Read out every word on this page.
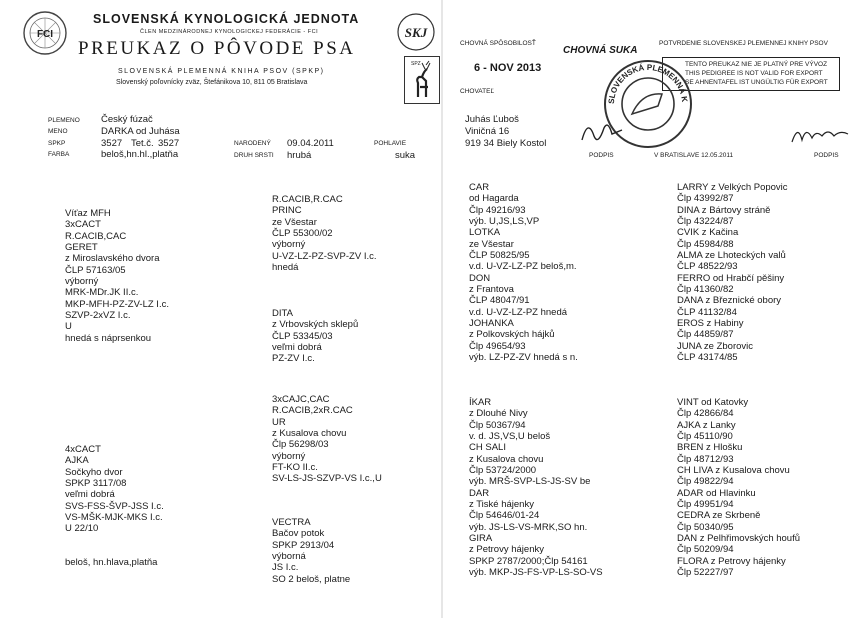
FCI
SLOVENSKÁ KYNOLOGICKÁ JEDNOTA
ČLEN MEDZINÁRODNEJ KYNOLOGICKEJ FEDERÁCIE - FCI
PREUKAZ O PÔVODE PSA
SLOVENSKÁ PLEMENNÁ KNIHA PSOV (SPKP)
Slovenský poľovnícky zväz, Štefánikova 10, 811 05 Bratislava
SKJ
SPZ
PLEMENO
MENO
SPKP
FARBA
Český fúzač
DARKA od Juhása
3527 Tet.č. 3527
beloš,hn.hl.,platňa
NARODENÝ
DRUH SRSTI
09.04.2011
hrubá
POHLAVIE
suka
CHOVNÁ SPÔSOBILOSŤ
CHOVNÁ SUKA
6 - NOV 2013
CHOVATEĽ
POTVRDENIE SLOVENSKEJ PLEMENNEJ KNIHY PSOV
TENTO PREUKAZ NIE JE PLATNÝ PRE VÝVOZ
THIS PEDIGREE IS NOT VALID FOR EXPORT
SE AHNENTAFEL IST UNGÜLTIG FÜR EXPORT
SLOVENSKÁ PLEMENNÁ K
Juhás Ľuboš
Viničná 16
919 34 Biely Kostol
PODPIS	V BRATISLAVE 12.05.2011	PODPIS
Víťaz MFH
3xCACT
R.CACIB,CAC
GERET
z Miroslavského dvora
ČLP 57163/05
výborný
MRK-MDr.JK II.c.
MKP-MFH-PZ-ZV-LZ I.c.
SZVP-2xVZ I.c.
U
hnedá s náprsenkou
4xCACT
AJKA
Sočkyho dvor
SPKP 3117/08
veľmi dobrá
SVS-FSS-ŠVP-JSS I.c.
VS-MŠK-MJK-MKS I.c.
U 22/10
beloš, hn.hlava,platňa
R.CACIB,R.CAC
PRINC
ze Všestar
ČLP 55300/02
výborný
U-VZ-LZ-PZ-SVP-ZV I.c.
hnedá
DITA
z Vrbovských sklepů
ČLP 53345/03
veľmi dobrá
PZ-ZV I.c.
3xCAJC,CAC
R.CACIB,2xR.CAC
UR
z Kusalova chovu
Člp 56298/03
výborný
FT-KO II.c.
SV-LS-JS-SZVP-VS I.c.,U
VECTRA
Bačov potok
SPKP 2913/04
výborná
JS I.c.
SO 2 beloš, platne
CAR
od Hagarda
Člp 49216/93
výb. U,JS,LS,VP
LOTKA
ze Všestar
ČLP 50825/95
v.d. U-VZ-LZ-PZ beloš,m.
DON
z Frantova
ČLP 48047/91
v.d. U-VZ-LZ-PZ hnedá
JOHANKA
z Polkovských hájků
Člp 49654/93
výb. LZ-PZ-ZV hnedá s n.
ÍKAR
z Dlouhé Nivy
Člp 50367/94
v. d. JS,VS,U beloš
CH SALI
z Kusalova chovu
Člp 53724/2000
výb. MRŠ-SVP-LS-JS-SV be
DAR
z Tiské hájenky
Člp 54646/01-24
výb. JS-LS-VS-MRK,SO hn.
GIRA
z Petrovy hájenky
SPKP 2787/2000;Člp 54161
výb. MKP-JS-FS-VP-LS-SO-VS
LARRY z Velkých Popovic
Člp 43992/87
DINA z Bártovy stráně
Člp 43224/87
CVIK z Kačina
Člp 45984/88
ALMA ze Lhoteckých valů
ČLP 48522/93
FERRO od Hrabčí pěšiny
Člp 41360/82
DANA z Březnické obory
ČLP 41132/84
EROS z Habiny
Člp 44859/87
JUNA ze Zborovic
ČLP 43174/85
VINT od Katovky
Člp 42866/84
AJKA z Lanky
Člp 45110/90
BREN z Hlošku
Člp 48712/93
CH LIVA z Kusalova chovu
Člp 49822/94
ADAR od Hlavinku
Člp 49951/94
CEDRA ze Skrbeně
Člp 50340/95
DAN z Pelhřimovských houfů
Člp 50209/94
FLORA z Petrovy hájenky
Člp 52227/97
